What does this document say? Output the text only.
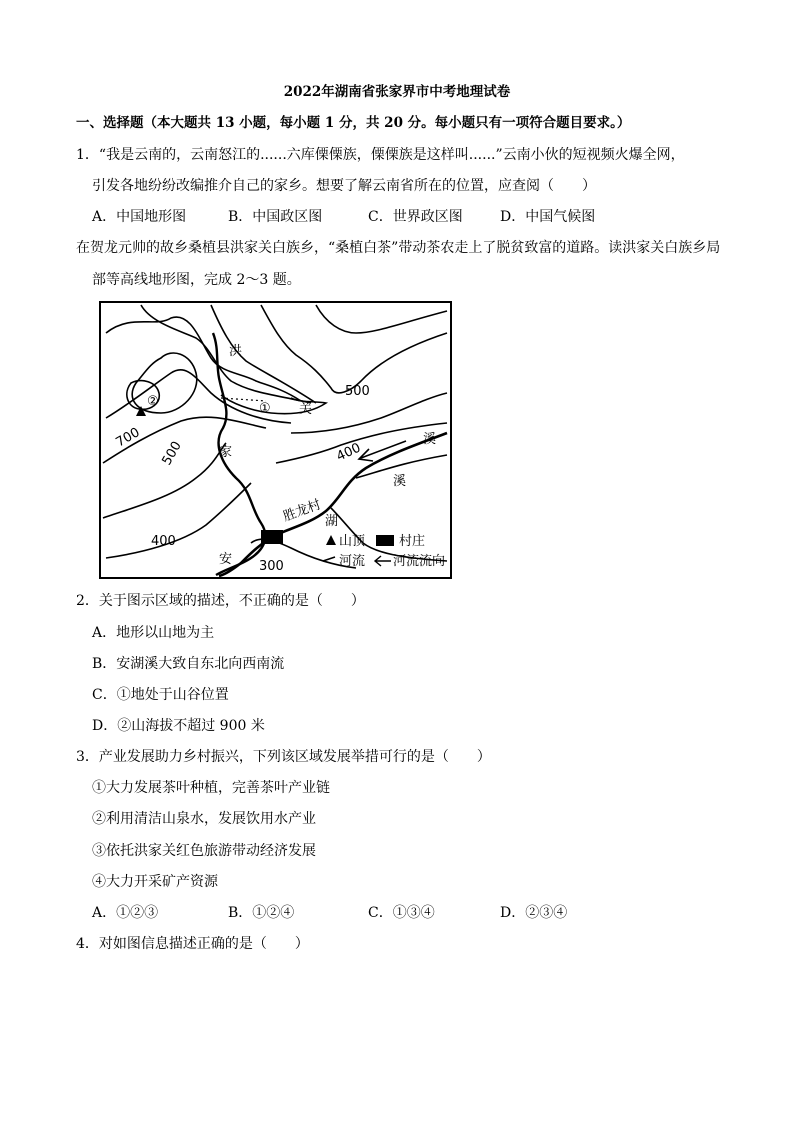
2022年湖南省张家界市中考地理试卷
一、选择题（本大题共 13 小题，每小题 1 分，共 20 分。每小题只有一项符合题目要求。）
1．“我是云南的，云南怒江的......六库傈傈族，傈傈族是这样叫......”云南小伙的短视频火爆全网，
引发各地纷纷改编推介自己的家乡。想要了解云南省所在的位置，应查阅（　　）
A．中国地形图	B．中国政区图	C．世界政区图	D．中国气候图
在贺龙元帅的故乡桑植县洪家关白族乡，“桑植白茶”带动茶农走上了脱贫致富的道路。读洪家关白族乡局
部等高线地形图，完成 2～3 题。
②	①
500
700
500	400
400
300
洪
家
关
溪
安
湖
溪
胜龙村
山顶	村庄
河流 河流流向
2．关于图示区域的描述，不正确的是（　　）
A．地形以山地为主
B．安湖溪大致自东北向西南流
C．①地处于山谷位置
D．②山海拔不超过 900 米
3．产业发展助力乡村振兴，下列该区域发展举措可行的是（　　）
①大力发展茶叶种植，完善茶叶产业链
②利用清洁山泉水，发展饮用水产业
③依托洪家关红色旅游带动经济发展
④大力开采矿产资源
A．①②③	B．①②④	C．①③④	D．②③④
4．对如图信息描述正确的是（　　）
